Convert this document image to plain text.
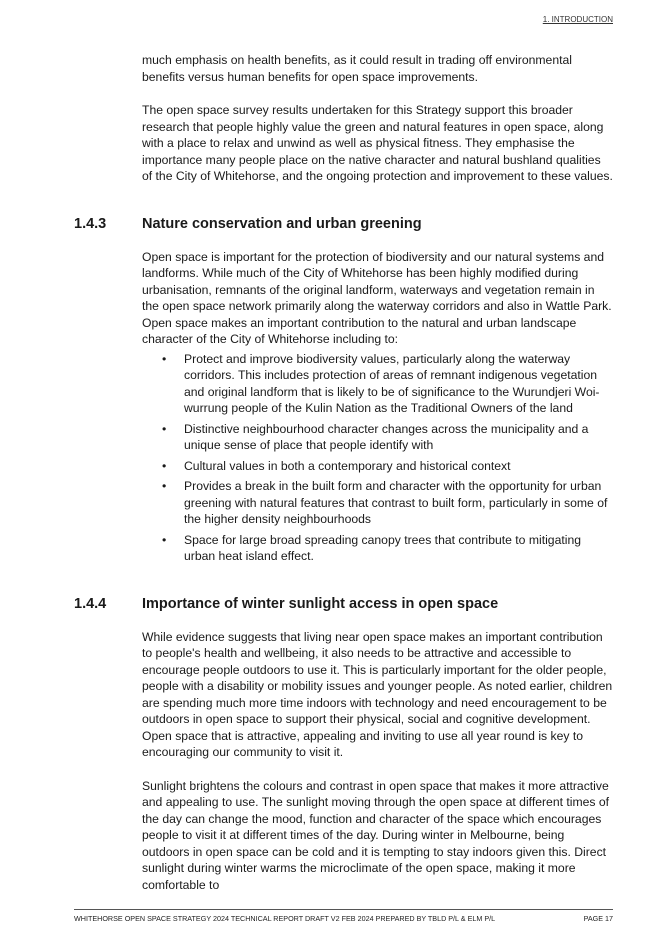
1. INTRODUCTION

much emphasis on health benefits, as it could result in trading off environmental benefits versus human benefits for open space improvements.

The open space survey results undertaken for this Strategy support this broader research that people highly value the green and natural features in open space, along with a place to relax and unwind as well as physical fitness. They emphasise the importance many people place on the native character and natural bushland qualities of the City of Whitehorse, and the ongoing protection and improvement to these values.

1.4.3 Nature conservation and urban greening

Open space is important for the protection of biodiversity and our natural systems and landforms. While much of the City of Whitehorse has been highly modified during urbanisation, remnants of the original landform, waterways and vegetation remain in the open space network primarily along the waterway corridors and also in Wattle Park. Open space makes an important contribution to the natural and urban landscape character of the City of Whitehorse including to:

• Protect and improve biodiversity values, particularly along the waterway corridors. This includes protection of areas of remnant indigenous vegetation and original landform that is likely to be of significance to the Wurundjeri Woi-wurrung people of the Kulin Nation as the Traditional Owners of the land
• Distinctive neighbourhood character changes across the municipality and a unique sense of place that people identify with
• Cultural values in both a contemporary and historical context
• Provides a break in the built form and character with the opportunity for urban greening with natural features that contrast to built form, particularly in some of the higher density neighbourhoods
• Space for large broad spreading canopy trees that contribute to mitigating urban heat island effect.
1.4.4 Importance of winter sunlight access in open space

While evidence suggests that living near open space makes an important contribution to people's health and wellbeing, it also needs to be attractive and accessible to encourage people outdoors to use it. This is particularly important for the older people, people with a disability or mobility issues and younger people. As noted earlier, children are spending much more time indoors with technology and need encouragement to be outdoors in open space to support their physical, social and cognitive development. Open space that is attractive, appealing and inviting to use all year round is key to encouraging our community to visit it.

Sunlight brightens the colours and contrast in open space that makes it more attractive and appealing to use. The sunlight moving through the open space at different times of the day can change the mood, function and character of the space which encourages people to visit it at different times of the day. During winter in Melbourne, being outdoors in open space can be cold and it is tempting to stay indoors given this. Direct sunlight during winter warms the microclimate of the open space, making it more comfortable to

WHITEHORSE OPEN SPACE STRATEGY 2024 TECHNICAL REPORT DRAFT V2 FEB 2024 PREPARED BY TBLD P/L & ELM P/L	PAGE 17
